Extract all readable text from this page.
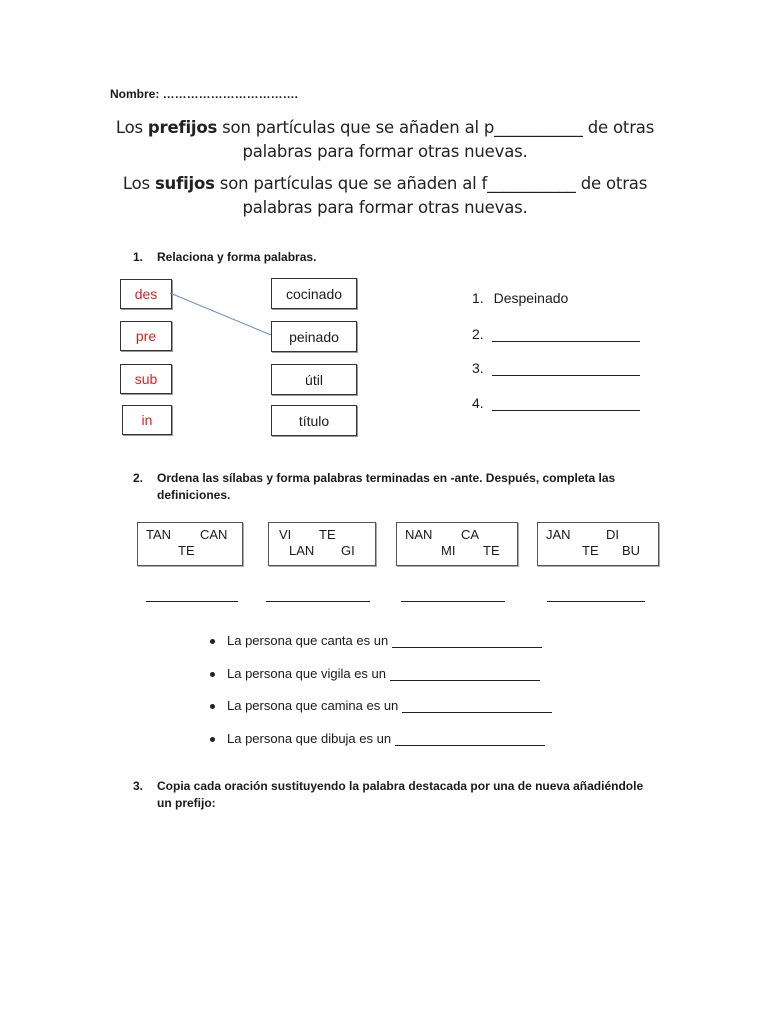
Nombre: …………………………….
Los prefijos son partículas que se añaden al p___________ de otras
palabras para formar otras nuevas.
Los sufijos son partículas que se añaden al f___________ de otras
palabras para formar otras nuevas.
1. Relaciona y forma palabras.
des
pre
sub
in
cocinado
peinado
útil
título
1. Despeinado
2.
3.
4.
2. Ordena las sílabas y forma palabras terminadas en -ante. Después, completa las definiciones.
TAN CAN
TE
VI TE
LAN GI
NAN CA
MI TE
JAN	DI
TE BU
La persona que canta es un
La persona que vigila es un
La persona que camina es un
La persona que dibuja es un
3. Copia cada oración sustituyendo la palabra destacada por una de nueva añadiéndole un prefijo:
